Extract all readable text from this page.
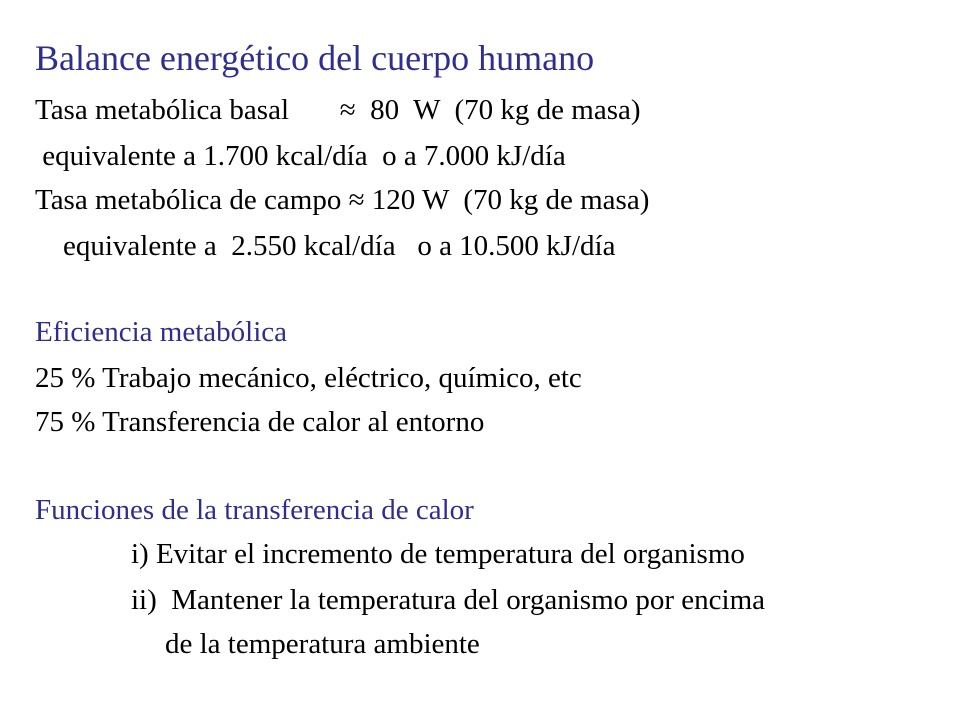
Balance energético del cuerpo humano
Tasa metabólica basal       ≈  80  W  (70 kg de masa)
equivalente a 1.700 kcal/día  o a 7.000 kJ/día
Tasa metabólica de campo ≈ 120 W  (70 kg de masa)
equivalente a  2.550 kcal/día   o a 10.500 kJ/día
Eficiencia metabólica
25 % Trabajo mecánico, eléctrico, químico, etc
75 % Transferencia de calor al entorno
Funciones de la transferencia de calor
i) Evitar el incremento de temperatura del organismo
ii)  Mantener la temperatura del organismo por encima
de la temperatura ambiente
